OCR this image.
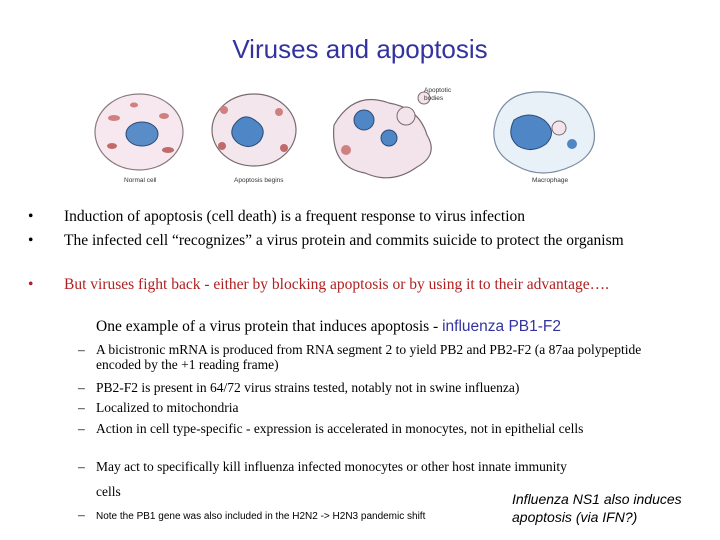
Viruses and apoptosis
Normal cell	Apoptosis begins
Apoptotic
bodies
Macrophage
• Induction of apoptosis (cell death) is a frequent response to virus infection
• The infected cell “recognizes” a virus protein and commits suicide to protect the organism
• But viruses fight back - either by blocking apoptosis or by using it to their advantage….
One example of a virus protein that induces apoptosis - influenza PB1-F2
– A bicistronic mRNA is produced from RNA segment 2 to yield PB2 and PB2-F2 (a 87aa polypeptide encoded by the +1 reading frame)
– PB2-F2 is present in 64/72 virus strains tested, notably not in swine influenza)
– Localized to mitochondria
– Action in cell type-specific - expression is accelerated in monocytes, not in epithelial cells
– May act to specifically kill influenza infected monocytes or other host innate immunity
cells
– Note the PB1 gene was also included in the H2N2 -> H2N3 pandemic shift
Influenza NS1 also induces apoptosis (via IFN?)
